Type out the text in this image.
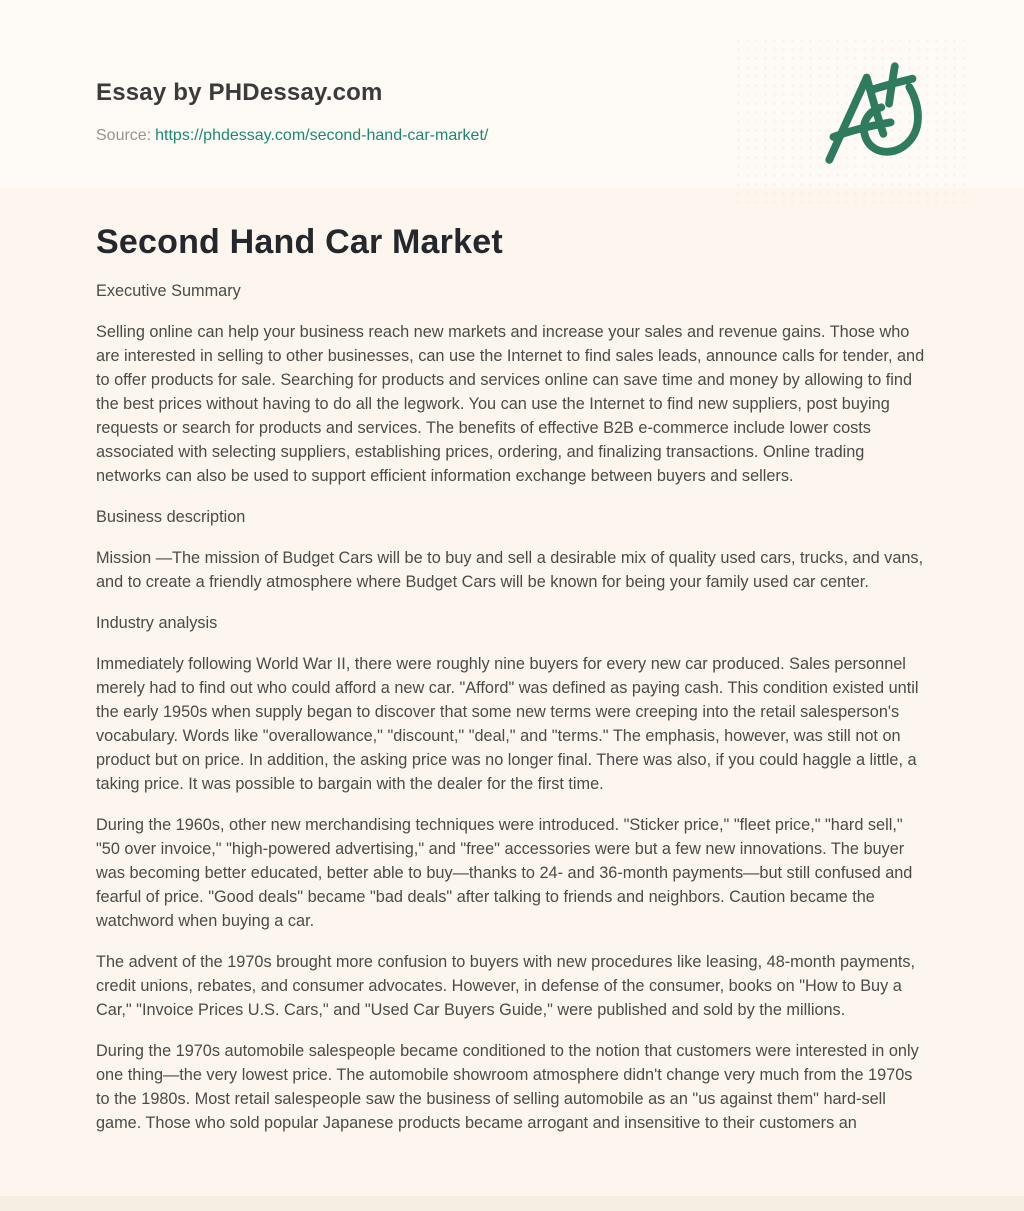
Essay by PHDessay.com
Source: https://phdessay.com/second-hand-car-market/
Second Hand Car Market

Executive Summary

Selling online can help your business reach new markets and increase your sales and revenue gains. Those who are interested in selling to other businesses, can use the Internet to find sales leads, announce calls for tender, and to offer products for sale. Searching for products and services online can save time and money by allowing to find the best prices without having to do all the legwork. You can use the Internet to find new suppliers, post buying requests or search for products and services. The benefits of effective B2B e-commerce include lower costs associated with selecting suppliers, establishing prices, ordering, and finalizing transactions. Online trading networks can also be used to support efficient information exchange between buyers and sellers.

Business description

Mission —The mission of Budget Cars will be to buy and sell a desirable mix of quality used cars, trucks, and vans, and to create a friendly atmosphere where Budget Cars will be known for being your family used car center.

Industry analysis

Immediately following World War II, there were roughly nine buyers for every new car produced. Sales personnel merely had to find out who could afford a new car. "Afford" was defined as paying cash. This condition existed until the early 1950s when supply began to discover that some new terms were creeping into the retail salesperson's vocabulary. Words like "overallowance," "discount," "deal," and "terms." The emphasis, however, was still not on product but on price. In addition, the asking price was no longer final. There was also, if you could haggle a little, a taking price. It was possible to bargain with the dealer for the first time.

During the 1960s, other new merchandising techniques were introduced. "Sticker price," "fleet price," "hard sell," "50 over invoice," "high-powered advertising," and "free" accessories were but a few new innovations. The buyer was becoming better educated, better able to buy—thanks to 24- and 36-month payments—but still confused and fearful of price. "Good deals" became "bad deals" after talking to friends and neighbors. Caution became the watchword when buying a car.

The advent of the 1970s brought more confusion to buyers with new procedures like leasing, 48-month payments, credit unions, rebates, and consumer advocates. However, in defense of the consumer, books on "How to Buy a Car," "Invoice Prices U.S. Cars," and "Used Car Buyers Guide," were published and sold by the millions.

During the 1970s automobile salespeople became conditioned to the notion that customers were interested in only one thing—the very lowest price. The automobile showroom atmosphere didn't change very much from the 1970s to the 1980s. Most retail salespeople saw the business of selling automobile as an "us against them" hard-sell game. Those who sold popular Japanese products became arrogant and insensitive to their customers an
